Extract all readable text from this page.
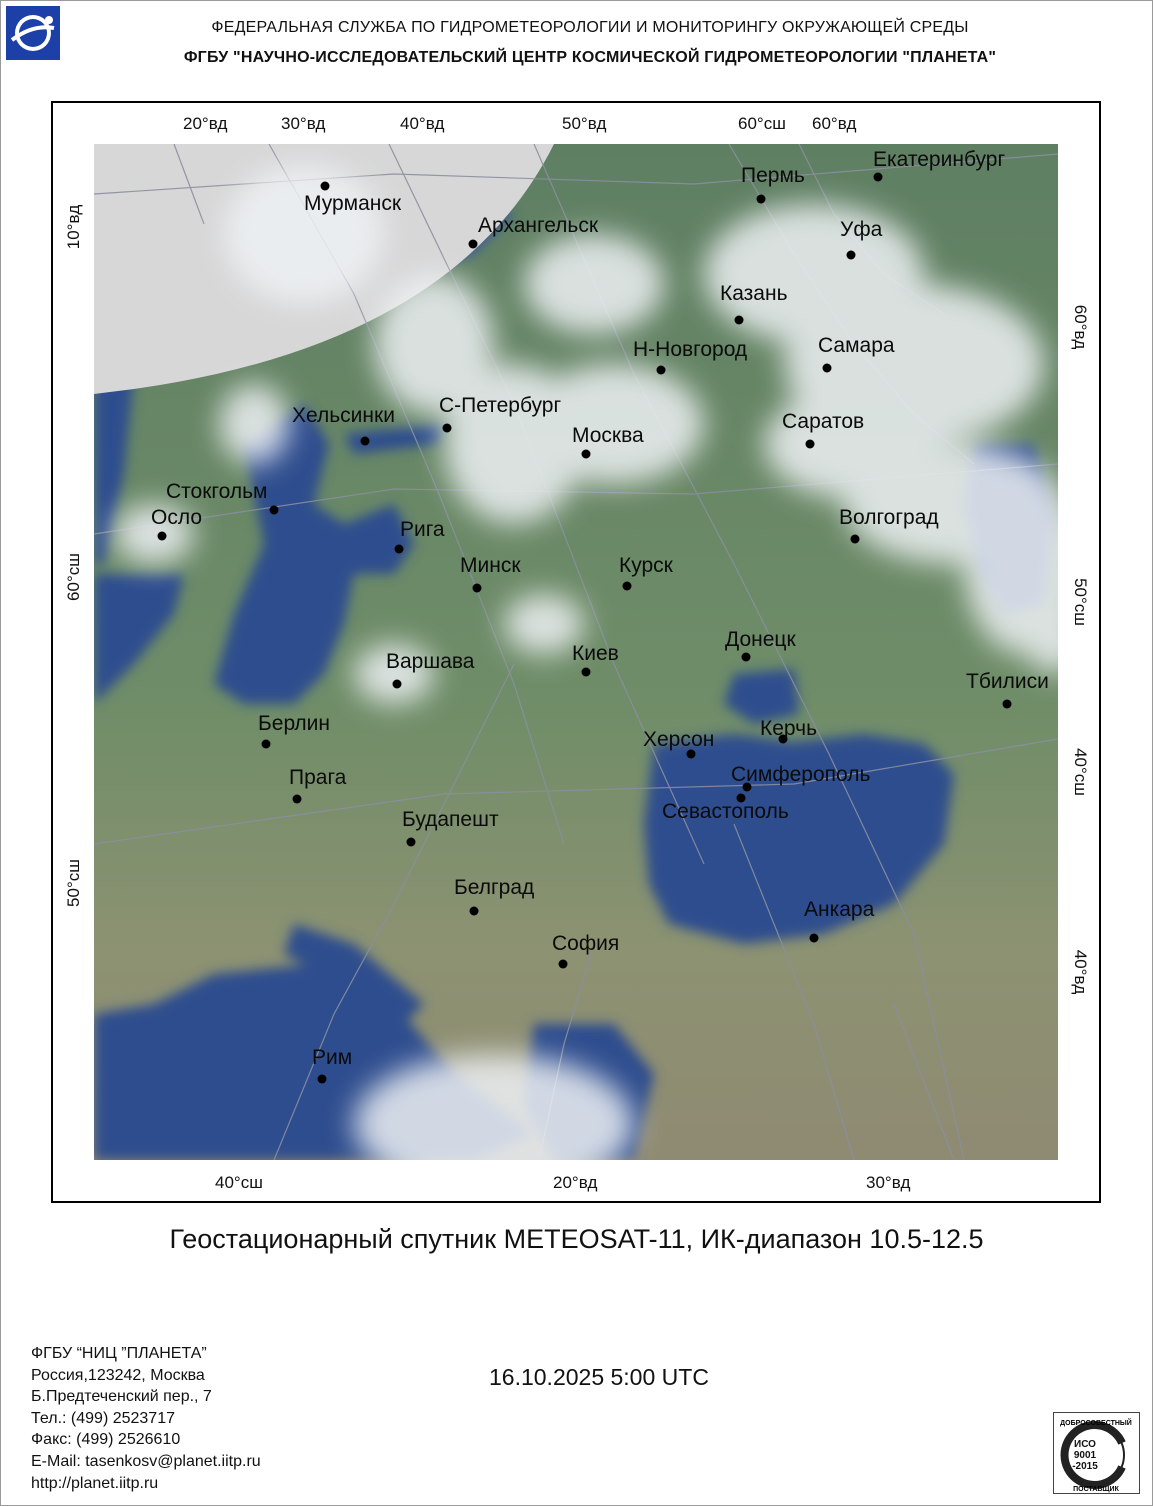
ФЕДЕРАЛЬНАЯ СЛУЖБА ПО ГИДРОМЕТЕОРОЛОГИИ И МОНИТОРИНГУ ОКРУЖАЮЩЕЙ СРЕДЫ
ФГБУ "НАУЧНО-ИССЛЕДОВАТЕЛЬСКИЙ ЦЕНТР КОСМИЧЕСКОЙ ГИДРОМЕТЕОРОЛОГИИ "ПЛАНЕТА"
20°вд	30°вд	40°вд	50°вд	60°сш 60°вд
40°сш	20°вд	30°вд
10°вд
60°сш
50°сш
60°вд
50°сш
40°сш
40°вд
Мурманск
Архангельск
Пермь
Екатеринбург
Уфа
Казань
Н-Новгород	Самара
Хельсинки С-Петербург
Москва
Саратов
Стокгольм
Осло
Рига
Волгоград
Минск	Курск
Донецк
Варшава	Киев
Тбилиси
Берлин	Керчь
Херсон
Прага	Симферополь
Севастополь
Будапешт
Белград
Анкара
София
Рим
Геостационарный спутник METEOSAT-11, ИК-диапазон 10.5-12.5
16.10.2025 5:00 UTC
ФГБУ “НИЦ ”ПЛАНЕТА”
Россия,123242, Москва
Б.Предтеченский пер., 7
Тел.: (499) 2523717
Факс: (499) 2526610
E-Mail: tasenkosv@planet.iitp.ru
http://planet.iitp.ru
ДОБРОСОВЕСТНЫЙ
ПОСТАВЩИК
ИСО 9001 -2015
